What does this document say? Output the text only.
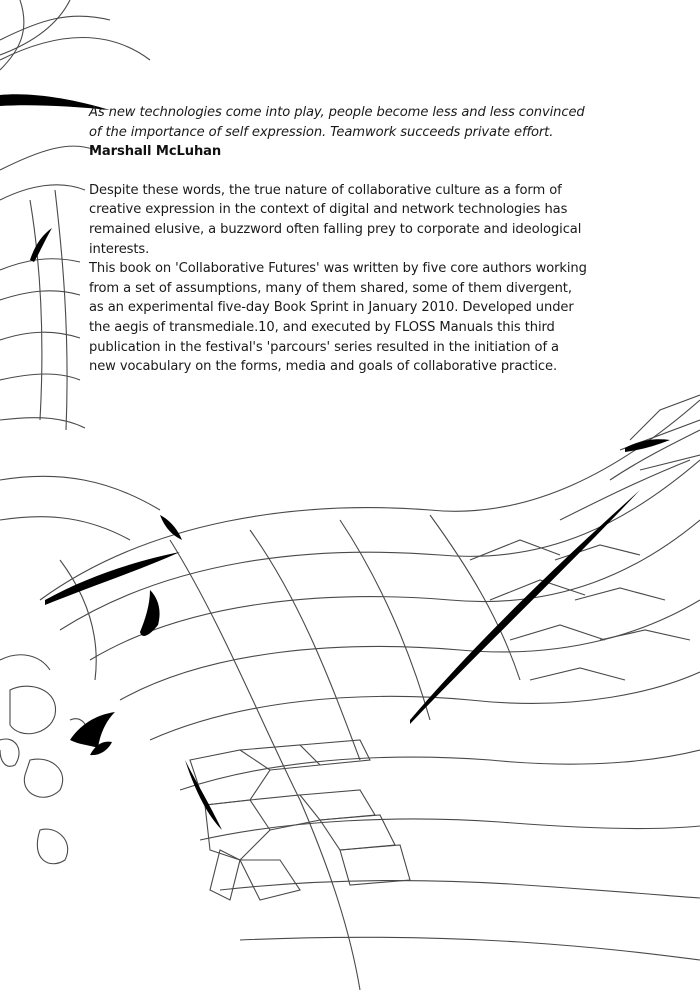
As new technologies come into play, people become less and less convinced of the importance of self expression. Teamwork succeeds private effort.

Marshall McLuhan

Despite these words, the true nature of collaborative culture as a form of creative expression in the context of digital and network technologies has remained elusive, a buzzword often falling prey to corporate and ideological interests.

This book on 'Collaborative Futures' was written by five core authors working from a set of assumptions, many of them shared, some of them divergent, as an experimental five-day Book Sprint in January 2010. Developed under the aegis of transmediale.10, and executed by FLOSS Manuals this third publication in the festival's 'parcours' series resulted in the initiation of a new vocabulary on the forms, media and goals of collaborative practice.
